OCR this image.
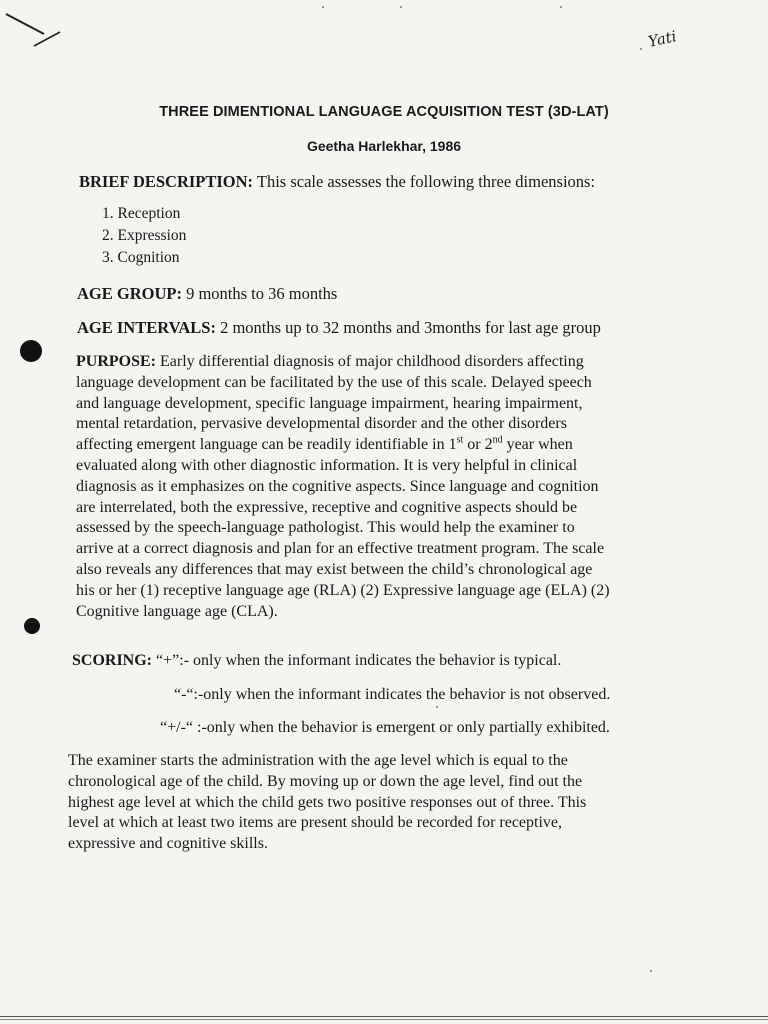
Yati
THREE DIMENTIONAL LANGUAGE ACQUISITION TEST (3D-LAT)
Geetha Harlekhar, 1986
BRIEF DESCRIPTION: This scale assesses the following three dimensions:
1. Reception
2. Expression
3. Cognition
AGE GROUP: 9 months to 36 months
AGE INTERVALS: 2 months up to 32 months and 3months for last age group
PURPOSE: Early differential diagnosis of major childhood disorders affecting
language development can be facilitated by the use of this scale. Delayed speech
and language development, specific language impairment, hearing impairment,
mental retardation, pervasive developmental disorder and the other disorders
affecting emergent language can be readily identifiable in 1st or 2nd year when
evaluated along with other diagnostic information. It is very helpful in clinical
diagnosis as it emphasizes on the cognitive aspects. Since language and cognition
are interrelated, both the expressive, receptive and cognitive aspects should be
assessed by the speech-language pathologist. This would help the examiner to
arrive at a correct diagnosis and plan for an effective treatment program. The scale
also reveals any differences that may exist between the child’s chronological age
his or her (1) receptive language age (RLA) (2) Expressive language age (ELA) (2)
Cognitive language age (CLA).
SCORING: “+”:- only when the informant indicates the behavior is typical.
“-“:-only when the informant indicates the behavior is not observed.
“+/-“ :-only when the behavior is emergent or only partially exhibited.
The examiner starts the administration with the age level which is equal to the
chronological age of the child. By moving up or down the age level, find out the
highest age level at which the child gets two positive responses out of three. This
level at which at least two items are present should be recorded for receptive,
expressive and cognitive skills.
